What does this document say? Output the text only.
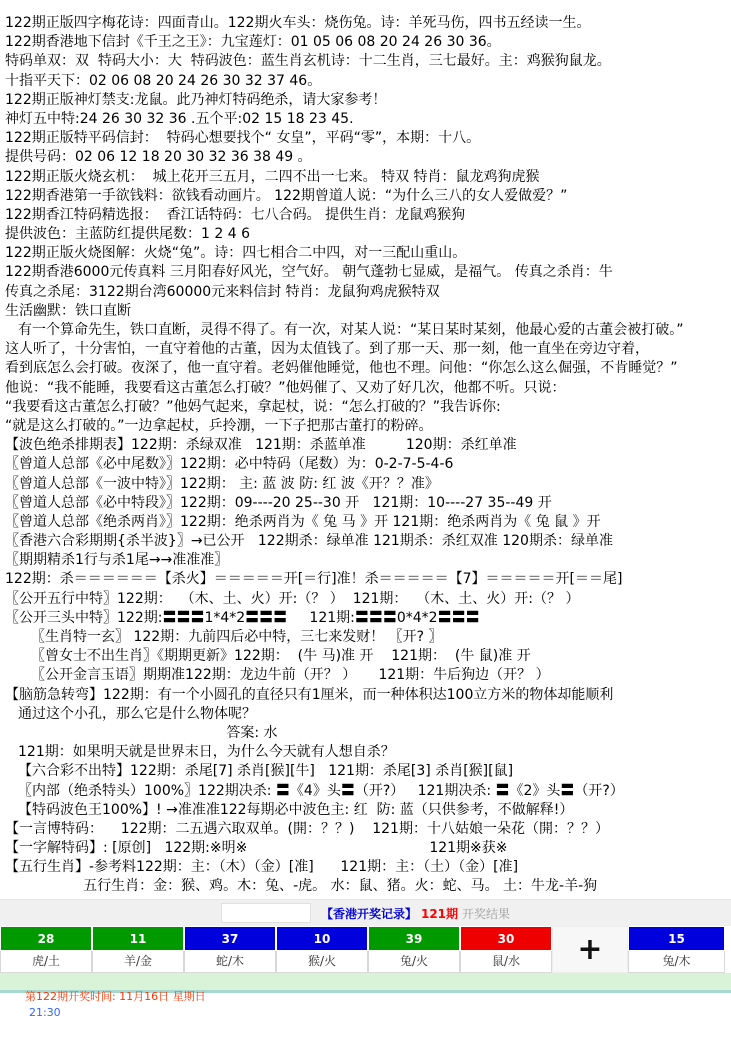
122期正版四字梅花诗：四面青山。122期火车头：烧伤兔。诗：羊死马伤，四书五经读一生。
122期香港地下信封《千王之王》：九宝莲灯：01 05 06 08 20 24 26 30 36。
特码单双：双  特码大小：大  特码波色：蓝生肖玄机诗：十二生肖，三七最好。主：鸡猴狗鼠龙。
十指平天下：02 06 08 20 24 26 30 32 37 46。
122期正版神灯禁支:龙鼠。此乃神灯特码绝杀，请大家参考！
神灯五中特:24 26 30 32 36 .五个平:02 15 18 23 45.
122期正版特平码信封：  特码心想要找个“ 女皇”，平码“零”，本期：十八。
提供号码：02 06 12 18 20 30 32 36 38 49 。
122期正版火烧玄机：  城上花开三五月，二四不出一七来。 特双 特肖：鼠龙鸡狗虎猴
122期香港第一手欲钱料：欲钱看动画片。 122期曾道人说：“为什么三八的女人爱做爱？”
122期香江特码精选报：  香江话特码：七八合码。 提供生肖：龙鼠鸡猴狗
提供波色：主蓝防红提供尾数：1 2 4 6
122期正版火烧图解：火烧“兔”。诗：四七相合二中四，对一三配山重山。
122期香港6000元传真料 三月阳春好风光，空气好。 朝气蓬勃七显威，是福气。 传真之杀肖：牛
传真之杀尾：3122期台湾60000元来料信封 特肖：龙鼠狗鸡虎猴特双
生活幽默：铁口直断
有一个算命先生，铁口直断，灵得不得了。有一次，对某人说：“某日某时某刻，他最心爱的古董会被打破。”
这人听了，十分害怕，一直守着他的古董，因为太值钱了。到了那一天、那一刻，他一直坐在旁边守着，
看到底怎么会打破。夜深了，他一直守着。老妈催他睡觉，他也不理。问他：“你怎么这么倔强，不肯睡觉？”
他说：“我不能睡，我要看这古董怎么打破？”他妈催了、又劝了好几次，他都不听。只说：
“我要看这古董怎么打破？”他妈气起来，拿起杖，说：“怎么打破的？”我告诉你:
“就是这么打破的。”一边拿起杖，乒拎淜，一下子把那古董打的粉碎。
【波色绝杀排期表】122期：杀绿双准   121期：杀蓝单准         120期：杀红单准
〖曾道人总部《必中尾数》〗122期：必中特码（尾数）为：0-2-7-5-4-6
〖曾道人总部《一波中特》〗122期： 主: 蓝 波 防: 红 波《开？？准》
〖曾道人总部《必中特段》〗122期：09----20 25--30 开   121期：10----27 35--49 开
〖曾道人总部《绝杀两肖》〗122期：绝杀两肖为《 兔 马 》开 121期：绝杀两肖为《 兔 鼠 》开
〖香港六合彩期期{杀半波}〗→已公开   122期杀：绿单准 121期杀：杀红双准 120期杀：绿单准
〖期期精杀1行与杀1尾→→准准准〗
122期：杀＝＝＝＝＝＝【杀火】＝＝＝＝＝开[＝行]准！杀＝＝＝＝＝【7】＝＝＝＝＝开[＝＝尾]
〖公开五行中特〗122期：  （木、土、火）开:（？ ）  121期：  （木、土、火）开:（？ ）
〖公开三头中特〗122期:〓〓〓1*4*2〓〓〓     121期:〓〓〓0*4*2〓〓〓
〖生肖特一玄〗 122期：九前四后必中特，三七来发财！ 〖开? 〗
〖曾女士不出生肖〗《期期更新》122期：  (牛 马)准 开    121期：  (牛 鼠)准 开
〖公开金言玉语〗期期准122期：龙边牛前（开？ ）     121期：牛后狗边（开？ ）
【脑筋急转弯】122期：有一个小圆孔的直径只有1厘米，而一种体积达100立方米的物体却能顺利
通过这个小孔，那么它是什么物体呢？
答案: 水
121期：如果明天就是世界末日，为什么今天就有人想自杀？
【六合彩不出特】122期：杀尾[7] 杀肖[猴][牛]   121期：杀尾[3] 杀肖[猴][鼠]
〖内部（绝杀特头）100%〗122期决杀: 〓《4》头〓（开?）   121期决杀: 〓《2》头〓（开?）
【特码波色王100%】! →准准准122每期必中波色主: 红  防: 蓝（只供参考，不做解释!）
【一言博特码：    122期：二五遇六取双单。(開：？？)    121期：十八姑娘一朵花（開：？？）
【一字解特码】: [原创]   122期:※明※　　　　　　　　　　　　　121期※获※
【五行生肖】-参考料122期：主：（木）（金）[准]      121期：主：（土）（金）[准]
五行生肖：金：猴、鸡。木：兔、-虎。 水：鼠、猪。火：蛇、马。 土：牛龙-羊-狗
【香港开奖记录】 121期 开奖结果
28
虎/土
11
羊/金
37
蛇/木
10
猴/火
39
兔/火
30
鼠/水	+	15
兔/木

第122期开奖时间: 11月16日 星期日
21:30
